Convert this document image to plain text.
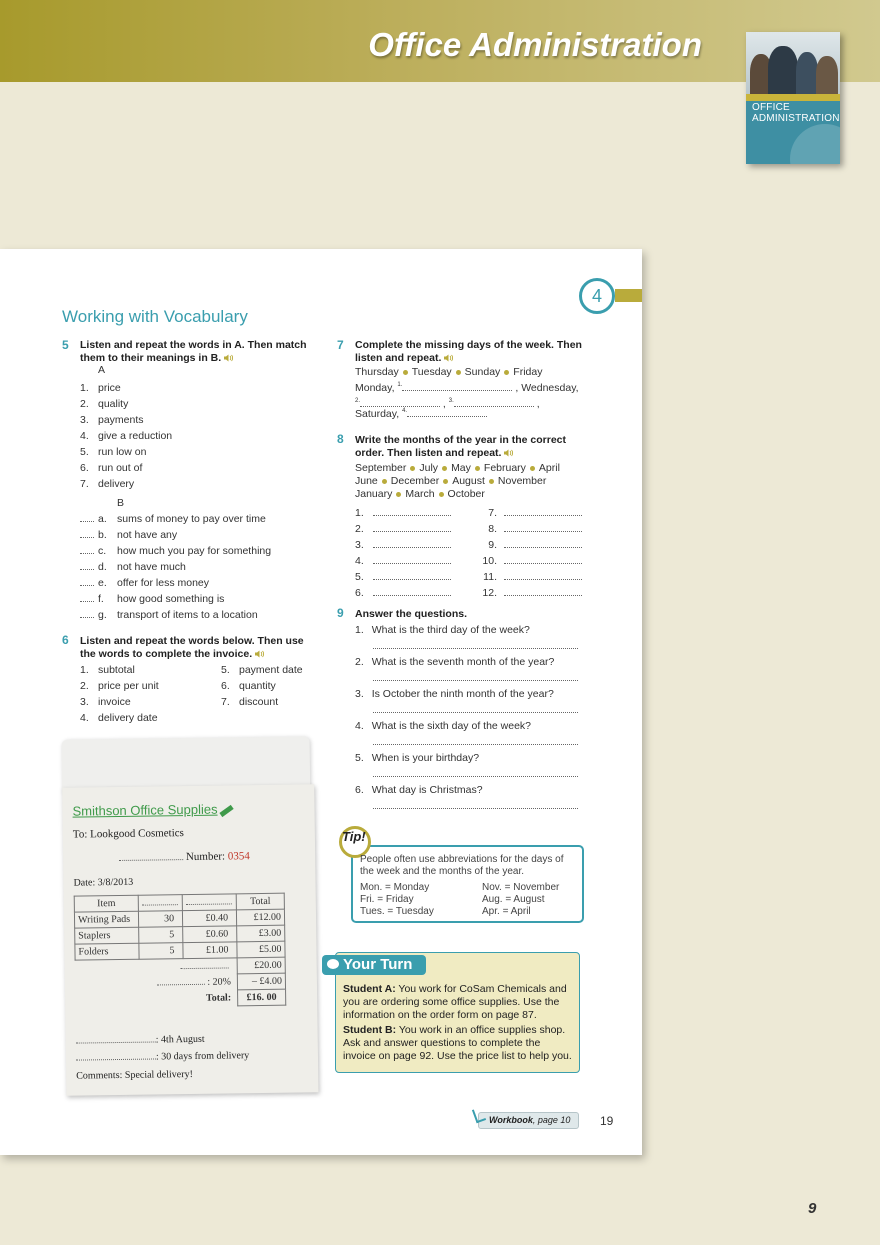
Office Administration
OFFICE
ADMINISTRATION
4
Working with Vocabulary
5 Listen and repeat the words in A. Then match
them to their meanings in B.
A
1. price
2. quality
3. payments
4. give a reduction
5. run low on
6. run out of
7. delivery
B
a. sums of money to pay over time
b. not have any
c. how much you pay for something
d. not have much
e. offer for less money
f. how good something is
g. transport of items to a location
6 Listen and repeat the words below. Then use
the words to complete the invoice.
1. subtotal
2. price per unit
3. invoice
4. delivery date
5. payment date
6. quantity
7. discount
Smithson Office Supplies
To: Lookgood Cosmetics
Number: 0354
Date: 3/8/2013
Item			Total
Writing Pads	30	£0.40	£12.00
Staplers	5	£0.60	£3.00
Folders	5	£1.00	£5.00
			£20.00
: 20%			– £4.00
Total:			£16. 00
: 4th August
: 30 days from delivery
Comments: Special delivery!
7 Complete the missing days of the week. Then
listen and repeat.
Thursday Tuesday Sunday Friday
Monday, $^{1.}$	, Wednesday,
$^{2.}$	, $^{3.}$	,
Saturday, $^{4.}$
8 Write the months of the year in the correct
order. Then listen and repeat.
September July May February April
June December August November
January March October
1.
2.
3.
4.
5.
6.
7.
8.
9.
10.
11.
12.
9 Answer the questions.
1. What is the third day of the week?
2. What is the seventh month of the year?
3. Is October the ninth month of the year?
4. What is the sixth day of the week?
5. When is your birthday?
6. What day is Christmas?
Tip!
People often use abbreviations for the days of
the week and the months of the year.
Mon. = Monday
Fri. = Friday
Tues. = Tuesday
Nov. = November
Aug. = August
Apr. = April
Your Turn
Student A: You work for CoSam Chemicals and
you are ordering some office supplies. Use the
information on the order form on page 87.
Student B: You work in an office supplies shop.
Ask and answer questions to complete the
invoice on page 92. Use the price list to help you.
Workbook, page 10	19
9
